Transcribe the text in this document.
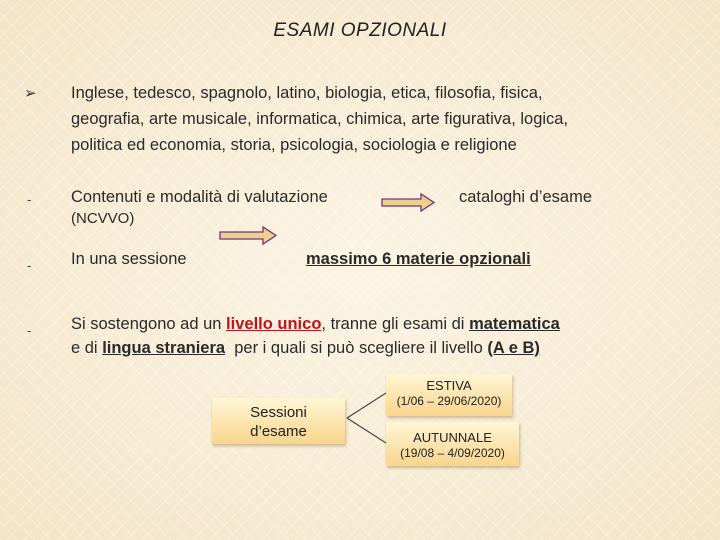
ESAMI OPZIONALI
➢ Inglese, tedesco, spagnolo, latino, biologia, etica, filosofia, fisica,
geografia, arte musicale, informatica, chimica, arte figurativa, logica,
politica ed economia, storia, psicologia, sociologia e religione
- Contenuti e modalità di valutazione
(NCVVO)
cataloghi d’esame
- In una sessione	massimo 6 materie opzionali
- Si sostengono ad un livello unico, tranne gli esami di matematica
e di lingua straniera  per i quali si può scegliere il livello (A e B)
Sessioni
d’esame
ESTIVA
(1/06 – 29/06/2020)
AUTUNNALE
(19/08 – 4/09/2020)
